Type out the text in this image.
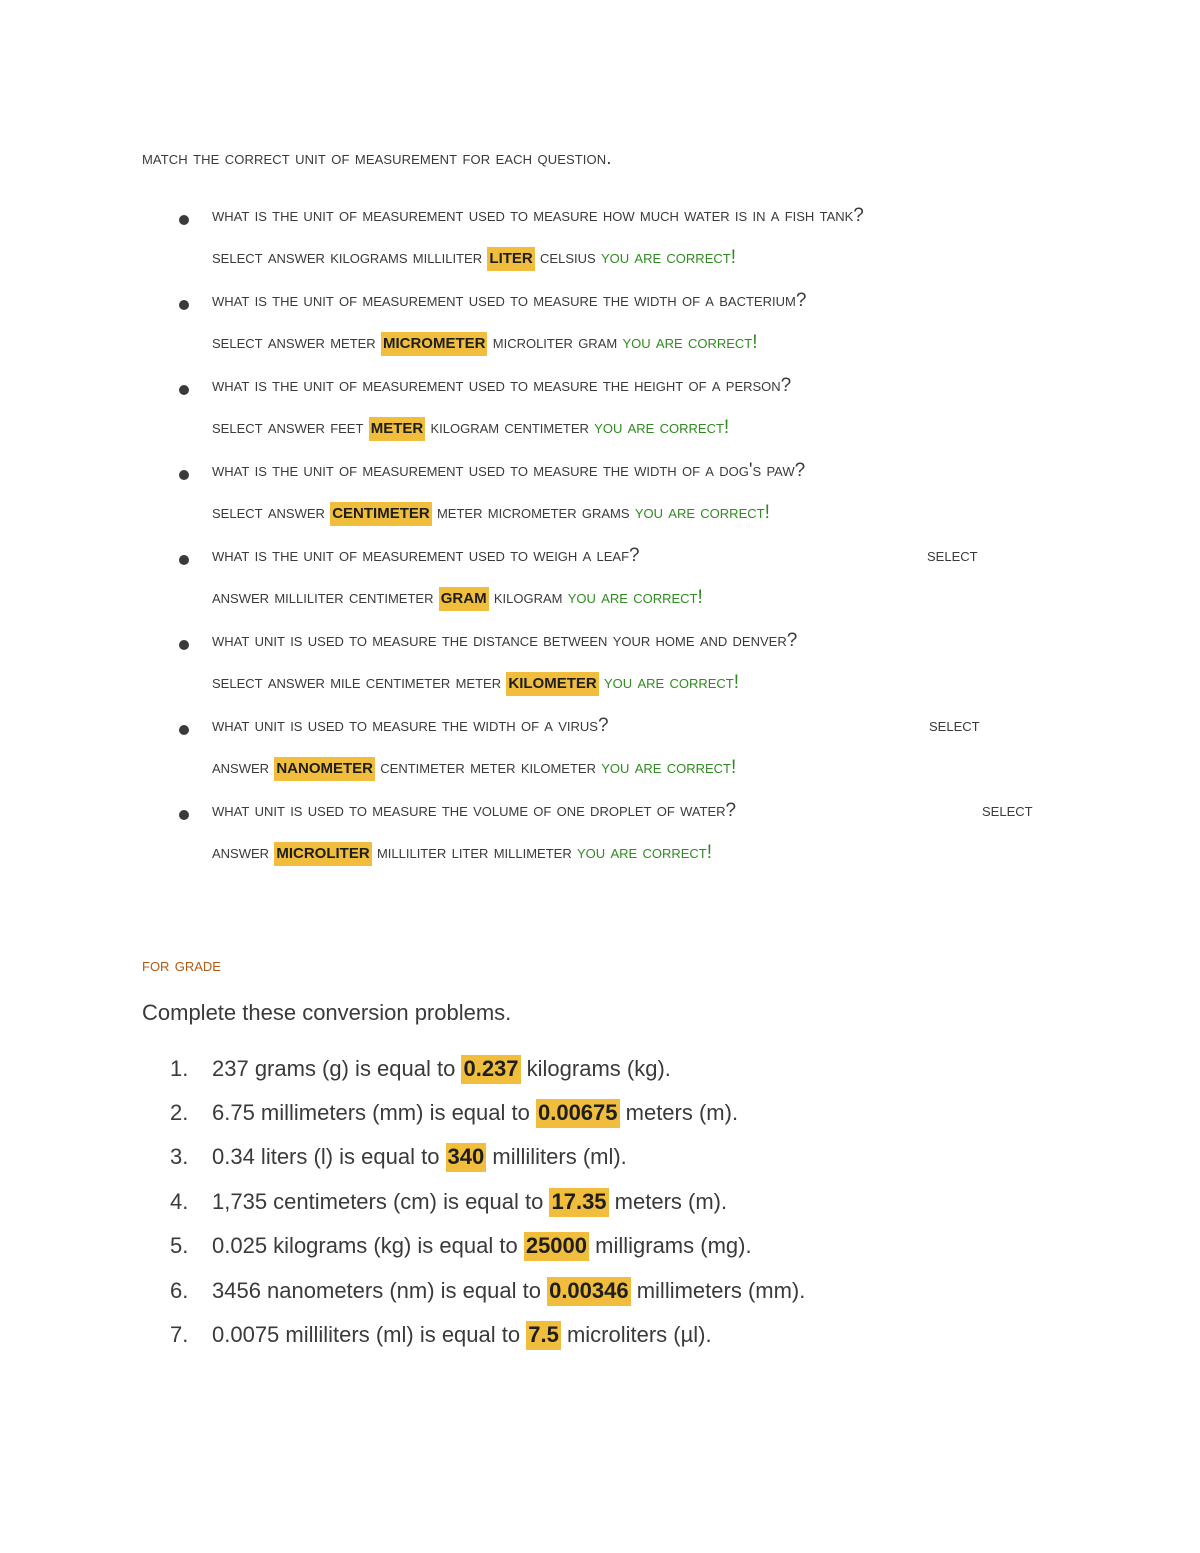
match the correct unit of measurement for each question.
what is the unit of measurement used to measure how much water is in a fish tank?
select answer kilograms milliliter LITER celsius you are correct!
what is the unit of measurement used to measure the width of a bacterium?
select answer meter MICROMETER microliter gram you are correct!
what is the unit of measurement used to measure the height of a person?
select answer feet METER kilogram centimeter you are correct!
what is the unit of measurement used to measure the width of a dog's paw?
select answer CENTIMETER meter micrometer grams you are correct!
what is the unit of measurement used to weigh a leaf?	select
answer milliliter centimeter GRAM kilogram you are correct!
what unit is used to measure the distance between your home and denver?
select answer mile centimeter meter KILOMETER you are correct!
what unit is used to measure the width of a virus?	select
answer NANOMETER centimeter meter kilometer you are correct!
what unit is used to measure the volume of one droplet of water?	select
answer MICROLITER milliliter liter millimeter you are correct!
for grade
Complete these conversion problems.
1. 237 grams (g) is equal to 0.237 kilograms (kg).
2. 6.75 millimeters (mm) is equal to 0.00675 meters (m).
3. 0.34 liters (l) is equal to 340 milliliters (ml).
4. 1,735 centimeters (cm) is equal to 17.35 meters (m).
5. 0.025 kilograms (kg) is equal to 25000 milligrams (mg).
6. 3456 nanometers (nm) is equal to 0.00346 millimeters (mm).
7. 0.0075 milliliters (ml) is equal to 7.5 microliters (µl).
